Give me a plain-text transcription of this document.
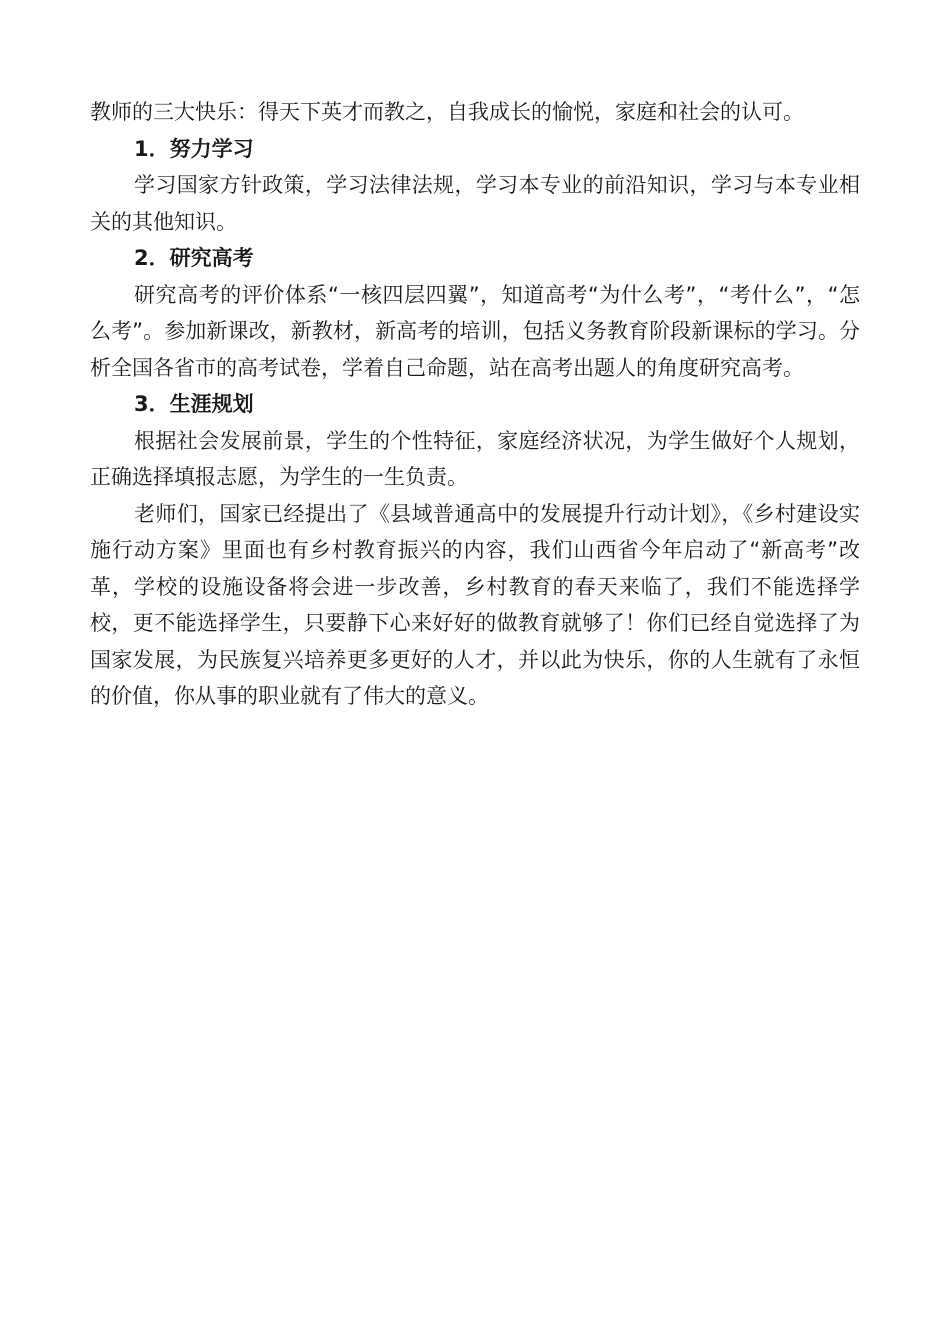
教师的三大快乐：得天下英才而教之，自我成长的愉悦，家庭和社会的认可。

1．努力学习

学习国家方针政策，学习法律法规，学习本专业的前沿知识，学习与本专业相关的其他知识。

2．研究高考

研究高考的评价体系“一核四层四翼”，知道高考“为什么考”，“考什么”，“怎么考”。参加新课改，新教材，新高考的培训，包括义务教育阶段新课标的学习。分析全国各省市的高考试卷，学着自己命题，站在高考出题人的角度研究高考。

3．生涯规划

根据社会发展前景，学生的个性特征，家庭经济状况，为学生做好个人规划，正确选择填报志愿，为学生的一生负责。

老师们，国家已经提出了《县域普通高中的发展提升行动计划》，《乡村建设实施行动方案》里面也有乡村教育振兴的内容，我们山西省今年启动了“新高考”改革，学校的设施设备将会进一步改善，乡村教育的春天来临了，我们不能选择学校，更不能选择学生，只要静下心来好好的做教育就够了！你们已经自觉选择了为国家发展，为民族复兴培养更多更好的人才，并以此为快乐，你的人生就有了永恒的价值，你从事的职业就有了伟大的意义。
